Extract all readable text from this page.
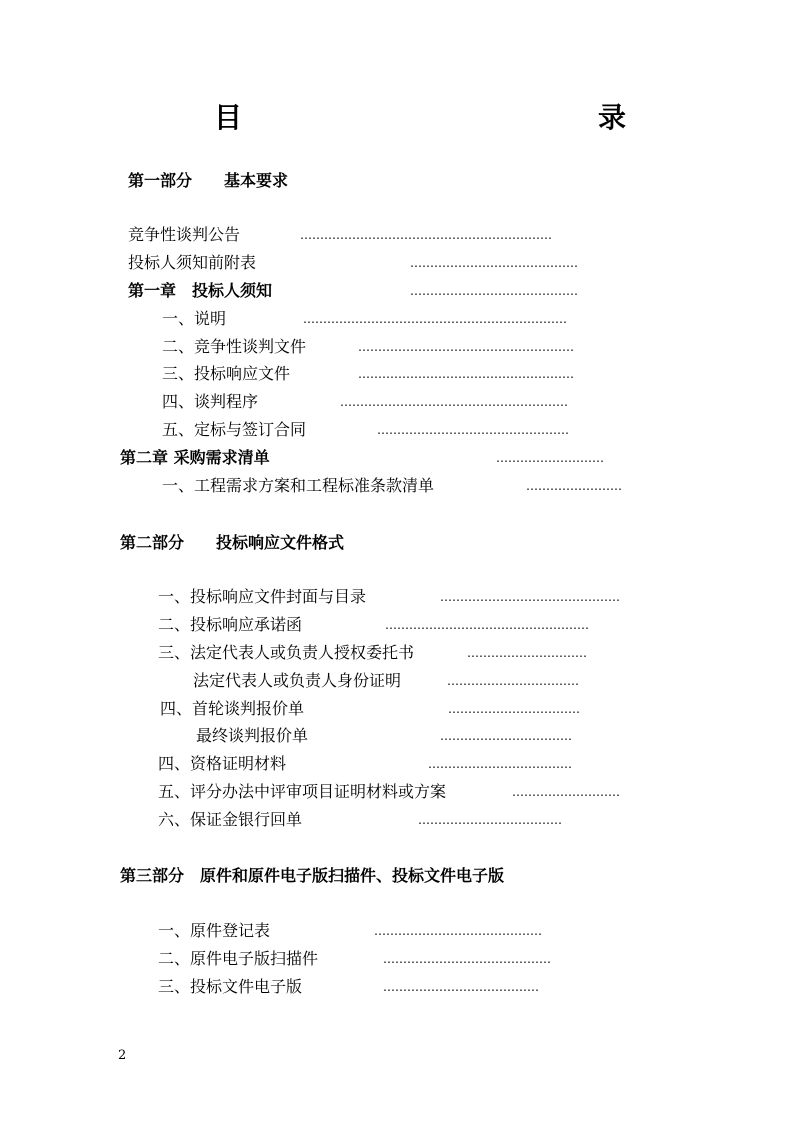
目　　录
第一部分　　基本要求
竞争性谈判公告	………………………………………………………
投标人须知前附表	……………………………………
第一章　投标人须知	……………………………………
一、说明	…………………………………………………………
二、竞争性谈判文件	………………………………………………
三、投标响应文件	………………………………………………
四、谈判程序	…………………………………………………
五、定标与签订合同	…………………………………………
第二章 采购需求清单	………………………
一、工程需求方案和工程标准条款清单	……………………
第二部分　　投标响应文件格式
一、投标响应文件封面与目录	………………………………………
二、投标响应承诺函	……………………………………………
三、法定代表人或负责人授权委托书	…………………………
法定代表人或负责人身份证明	……………………………
四、首轮谈判报价单	……………………………
最终谈判报价单	……………………………
四、资格证明材料	………………………………
五、评分办法中评审项目证明材料或方案	………………………
六、保证金银行回单	………………………………
第三部分　原件和原件电子版扫描件、投标文件电子版
一、原件登记表	……………………………………
二、原件电子版扫描件	……………………………………
三、投标文件电子版	…………………………………
2
